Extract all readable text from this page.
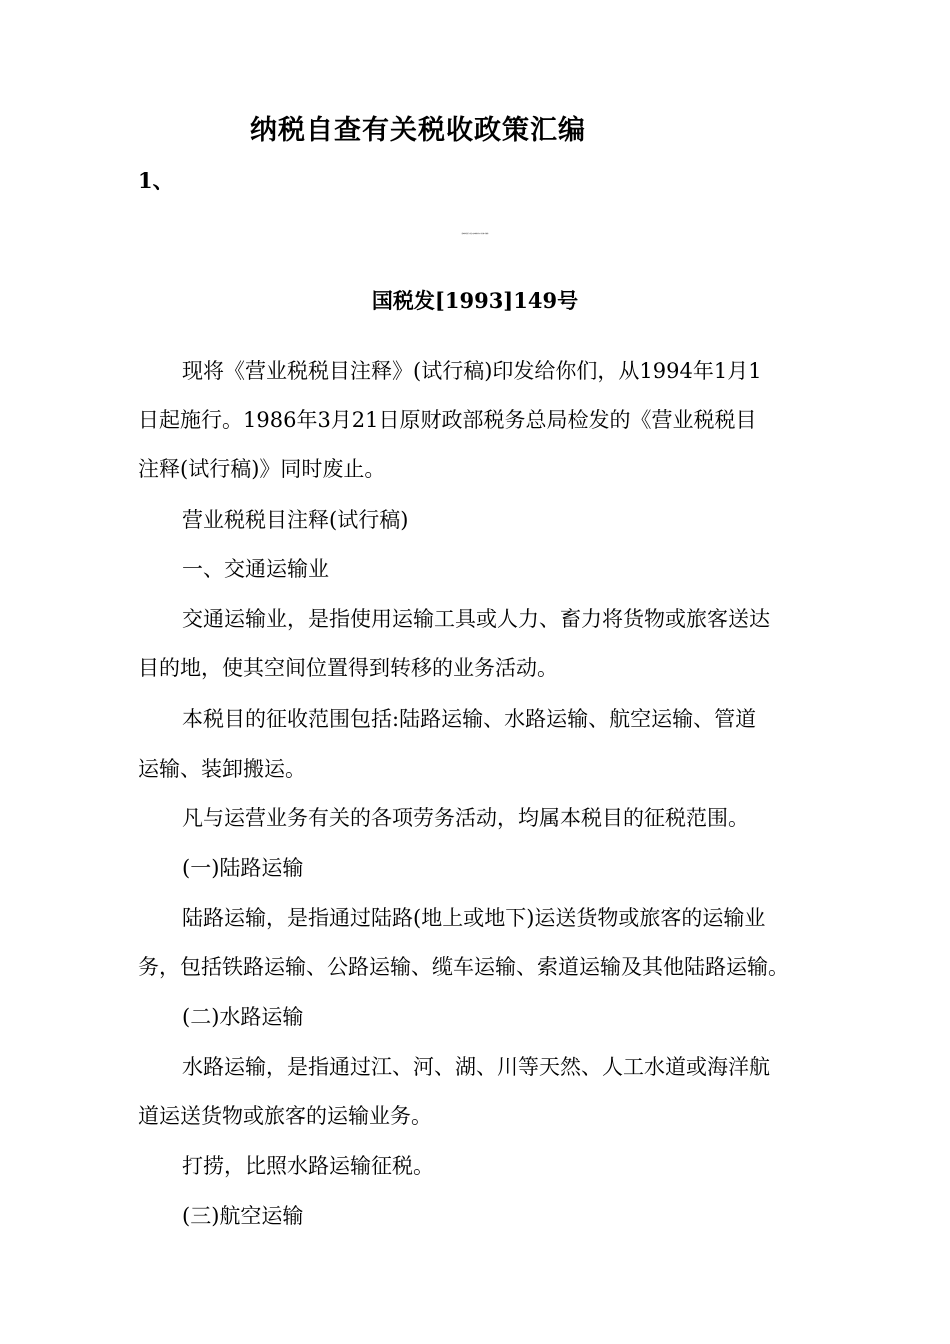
纳税自查有关税收政策汇编
1、
国家税务总局关于印发《营业税税目注释（试行稿）》的通知
国税发[1993]149号
现将《营业税税目注释》(试行稿)印发给你们，从1994年1月1
日起施行。1986年3月21日原财政部税务总局检发的《营业税税目
注释(试行稿)》同时废止。
营业税税目注释(试行稿)
一、交通运输业
交通运输业，是指使用运输工具或人力、畜力将货物或旅客送达
目的地，使其空间位置得到转移的业务活动。
本税目的征收范围包括:陆路运输、水路运输、航空运输、管道
运输、装卸搬运。
凡与运营业务有关的各项劳务活动，均属本税目的征税范围。
(一)陆路运输
陆路运输，是指通过陆路(地上或地下)运送货物或旅客的运输业
务，包括铁路运输、公路运输、缆车运输、索道运输及其他陆路运输。
(二)水路运输
水路运输，是指通过江、河、湖、川等天然、人工水道或海洋航
道运送货物或旅客的运输业务。
打捞，比照水路运输征税。
(三)航空运输
